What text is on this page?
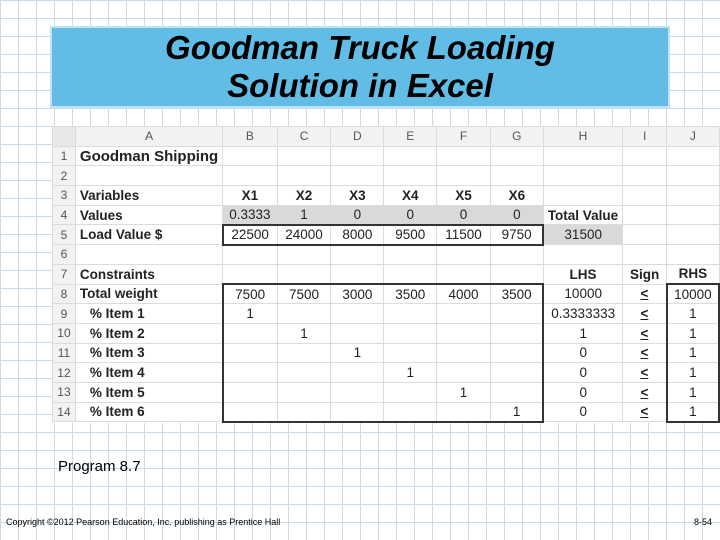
Goodman Truck Loading
Solution in Excel
	A	B	C	D	E	F	G	H	I	J
1	Goodman Shipping									
2										
3	Variables	X1	X2	X3	X4	X5	X6			
4	Values	0.3333	1	0	0	0	0	Total Value		
5	Load Value $	22500	24000	8000	9500	11500	9750	31500		
6										
7	Constraints							LHS	Sign	RHS
8	Total weight	7500	7500	3000	3500	4000	3500	10000	<	10000
9	% Item 1	1						0.3333333	<	1
10	% Item 2		1					1	<	1
11	% Item 3			1				0	<	1
12	% Item 4				1			0	<	1
13	% Item 5					1		0	<	1
14	% Item 6						1	0	<	1
Program 8.7
Copyright ©2012 Pearson Education, Inc. publishing as Prentice Hall	8-54
